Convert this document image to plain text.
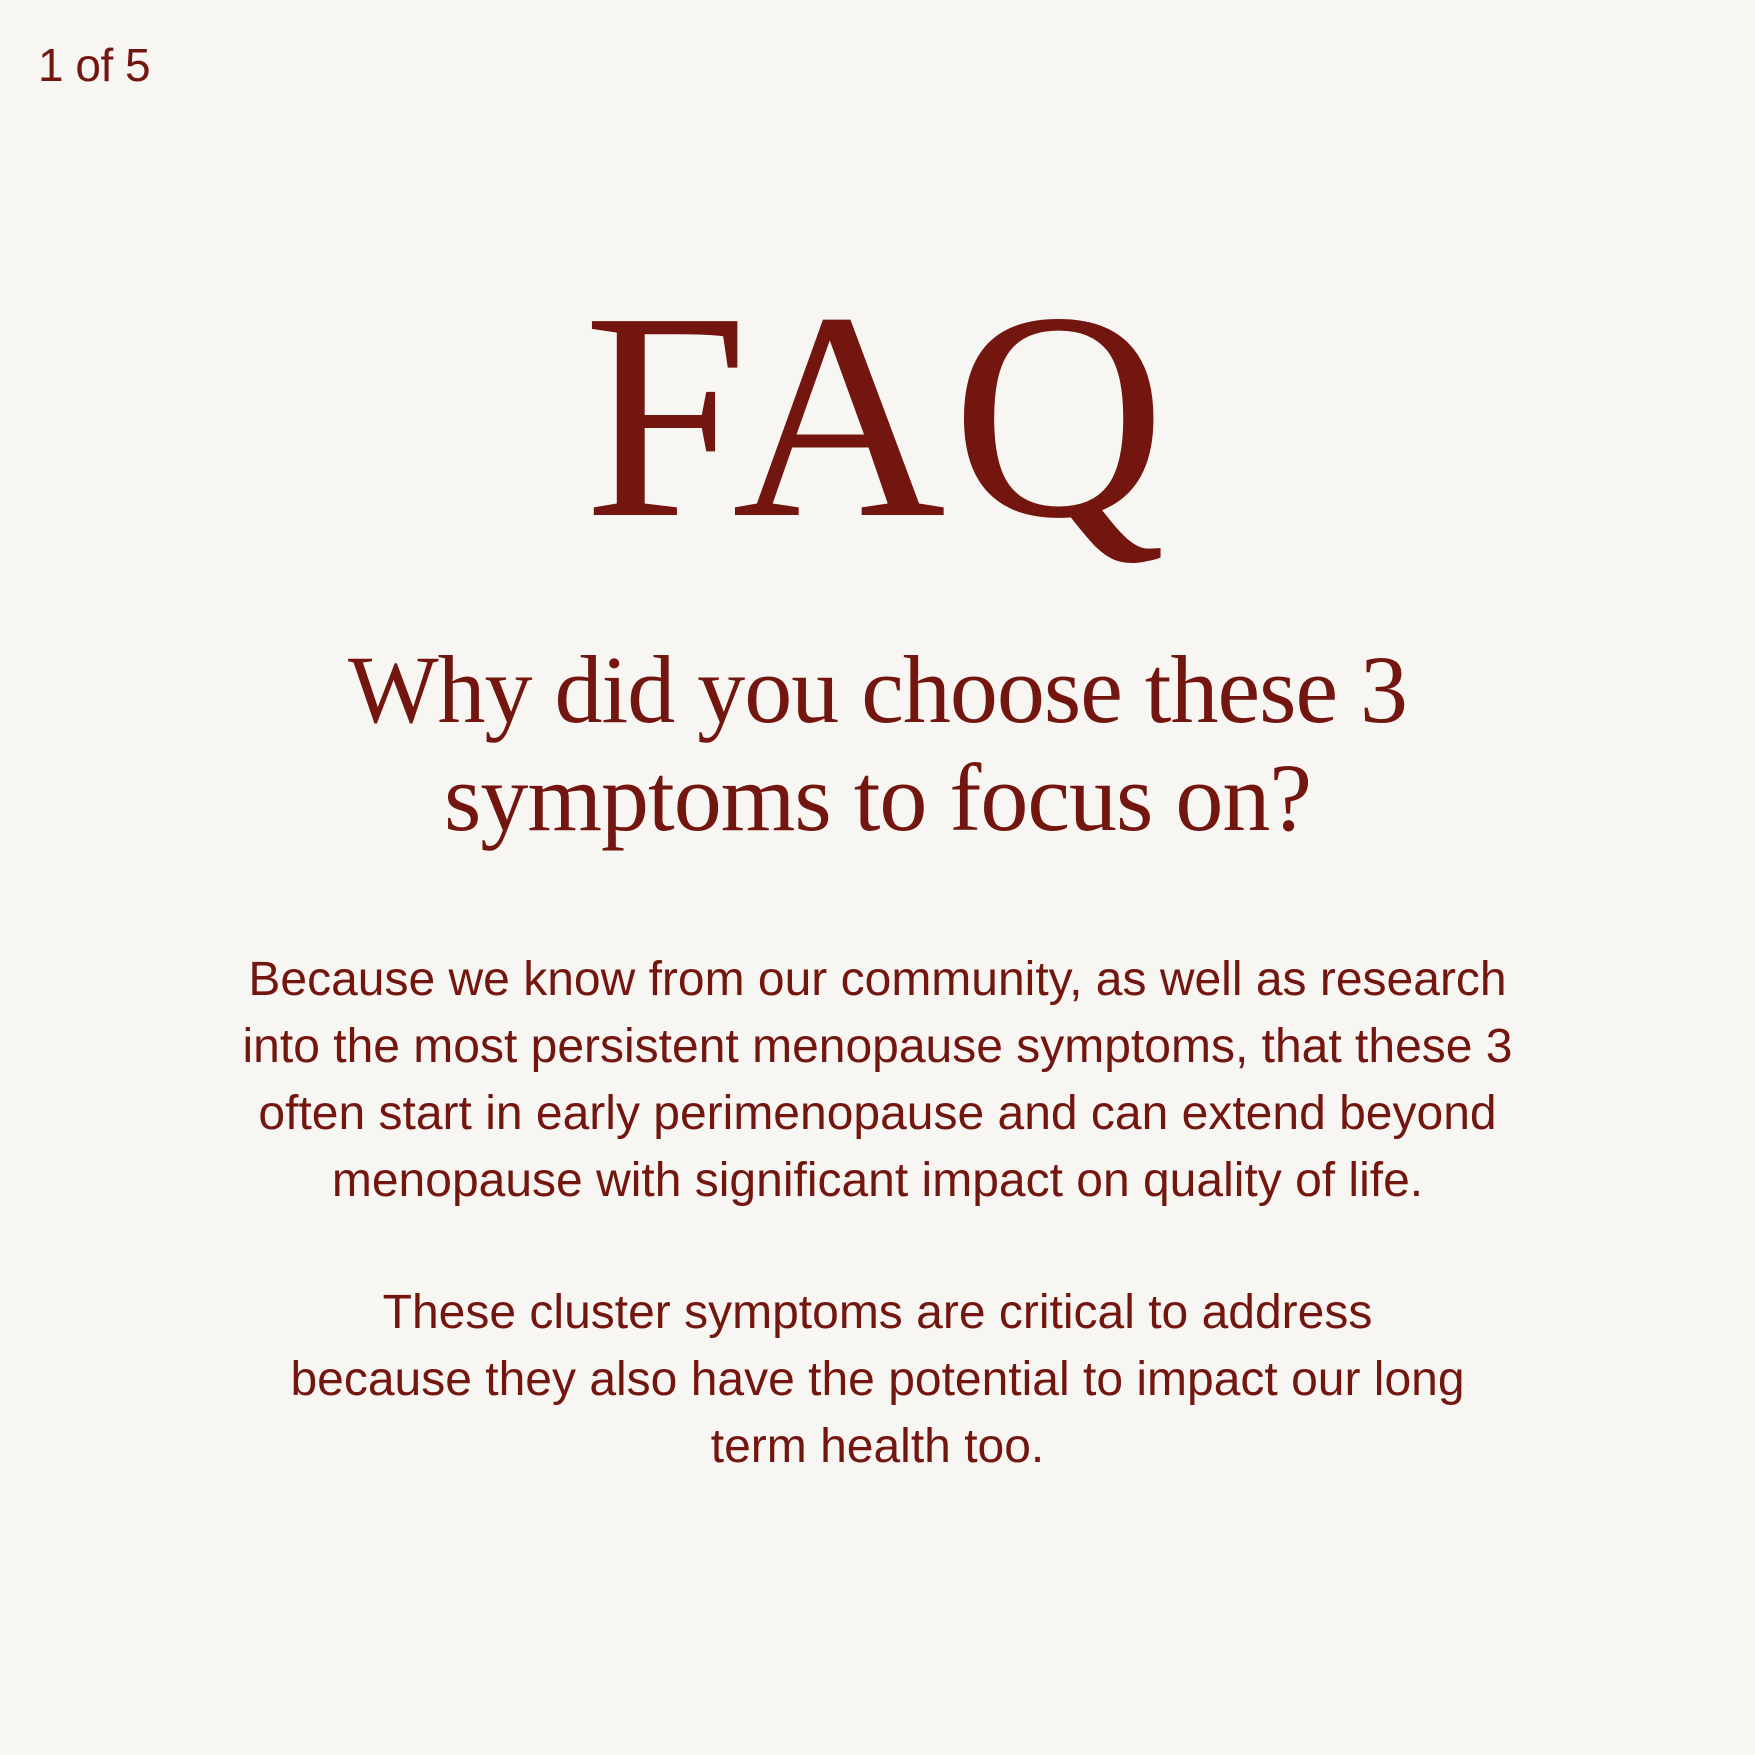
1 of 5
FAQ
Why did you choose these 3
symptoms to focus on?

Because we know from our community, as well as research
into the most persistent menopause symptoms, that these 3
often start in early perimenopause and can extend beyond
menopause with significant impact on quality of life.

These cluster symptoms are critical to address
because they also have the potential to impact our long
term health too.
